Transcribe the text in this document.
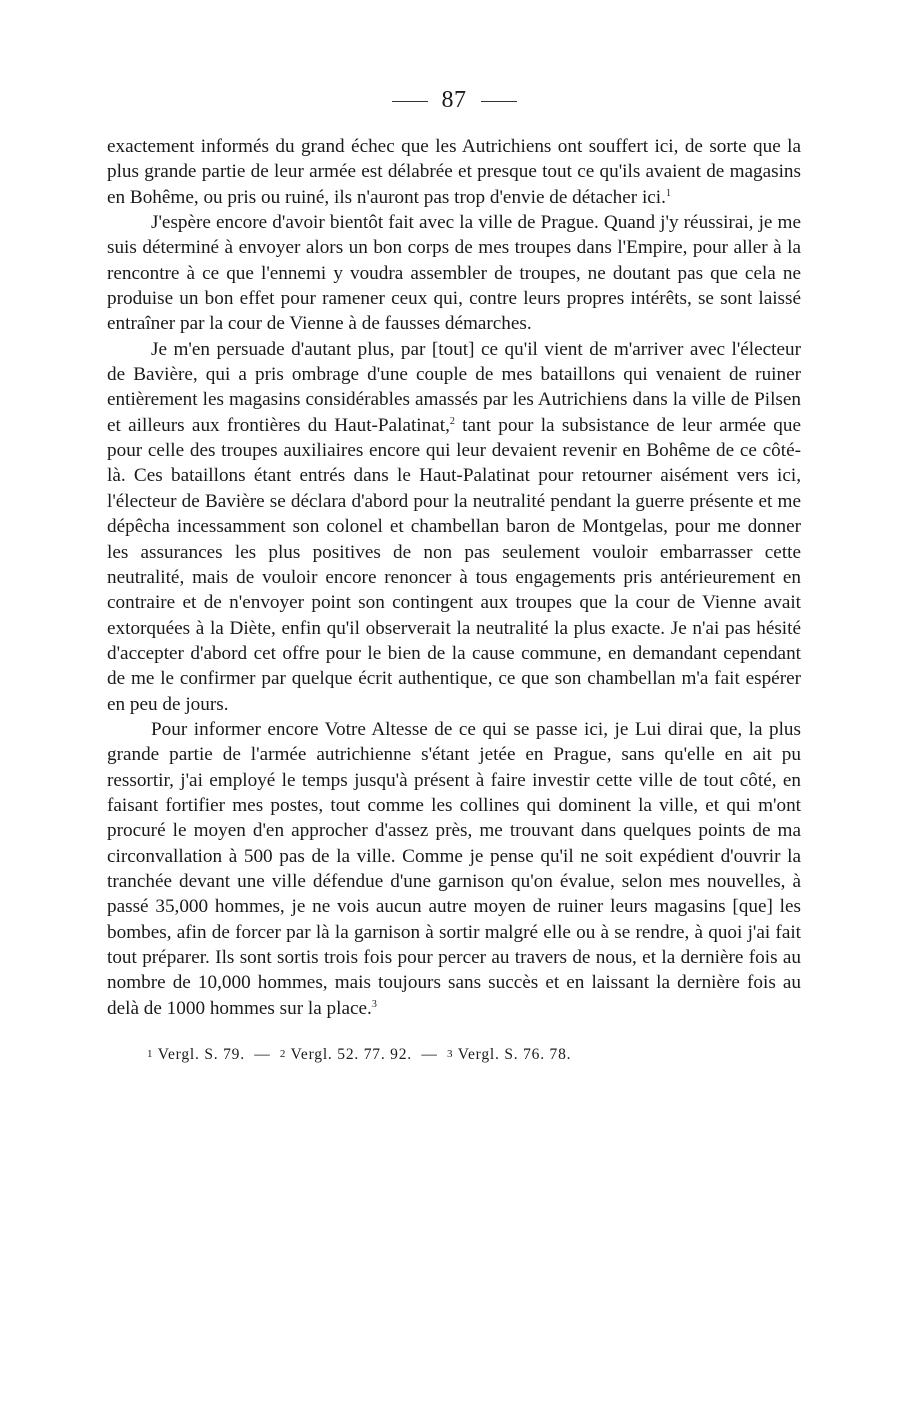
87

exactement informés du grand échec que les Autrichiens ont souffert ici, de sorte que la plus grande partie de leur armée est délabrée et presque tout ce qu'ils avaient de magasins en Bohême, ou pris ou ruiné, ils n'auront pas trop d'envie de détacher ici.$^1$

J'espère encore d'avoir bientôt fait avec la ville de Prague. Quand j'y réussirai, je me suis déterminé à envoyer alors un bon corps de mes troupes dans l'Empire, pour aller à la rencontre à ce que l'ennemi y voudra assembler de troupes, ne doutant pas que cela ne produise un bon effet pour ramener ceux qui, contre leurs propres intérêts, se sont laissé entraîner par la cour de Vienne à de fausses démarches.

Je m'en persuade d'autant plus, par [tout] ce qu'il vient de m'arriver avec l'électeur de Bavière, qui a pris ombrage d'une couple de mes bataillons qui venaient de ruiner entièrement les magasins considérables amassés par les Autrichiens dans la ville de Pilsen et ailleurs aux frontières du Haut-Palatinat,$^2$ tant pour la subsistance de leur armée que pour celle des troupes auxiliaires encore qui leur devaient revenir en Bohême de ce côté-là. Ces bataillons étant entrés dans le Haut-Palatinat pour retourner aisément vers ici, l'électeur de Bavière se déclara d'abord pour la neutralité pendant la guerre présente et me dépêcha incessamment son colonel et chambellan baron de Montgelas, pour me donner les assurances les plus positives de non pas seulement vouloir embarrasser cette neutralité, mais de vouloir encore renoncer à tous engagements pris antérieurement en contraire et de n'envoyer point son contingent aux troupes que la cour de Vienne avait extorquées à la Diète, enfin qu'il observerait la neutralité la plus exacte. Je n'ai pas hésité d'accepter d'abord cet offre pour le bien de la cause commune, en demandant cependant de me le confirmer par quelque écrit authentique, ce que son chambellan m'a fait espérer en peu de jours.

Pour informer encore Votre Altesse de ce qui se passe ici, je Lui dirai que, la plus grande partie de l'armée autrichienne s'étant jetée en Prague, sans qu'elle en ait pu ressortir, j'ai employé le temps jusqu'à présent à faire investir cette ville de tout côté, en faisant fortifier mes postes, tout comme les collines qui dominent la ville, et qui m'ont procuré le moyen d'en approcher d'assez près, me trouvant dans quelques points de ma circonvallation à 500 pas de la ville. Comme je pense qu'il ne soit expédient d'ouvrir la tranchée devant une ville défendue d'une garnison qu'on évalue, selon mes nouvelles, à passé 35,000 hommes, je ne vois aucun autre moyen de ruiner leurs magasins [que] les bombes, afin de forcer par là la garnison à sortir malgré elle ou à se rendre, à quoi j'ai fait tout préparer. Ils sont sortis trois fois pour percer au travers de nous, et la dernière fois au nombre de 10,000 hommes, mais toujours sans succès et en laissant la dernière fois au delà de 1000 hommes sur la place.$^3$

1 Vergl. S. 79.  —  2 Vergl. 52. 77. 92.  —  3 Vergl. S. 76. 78.
